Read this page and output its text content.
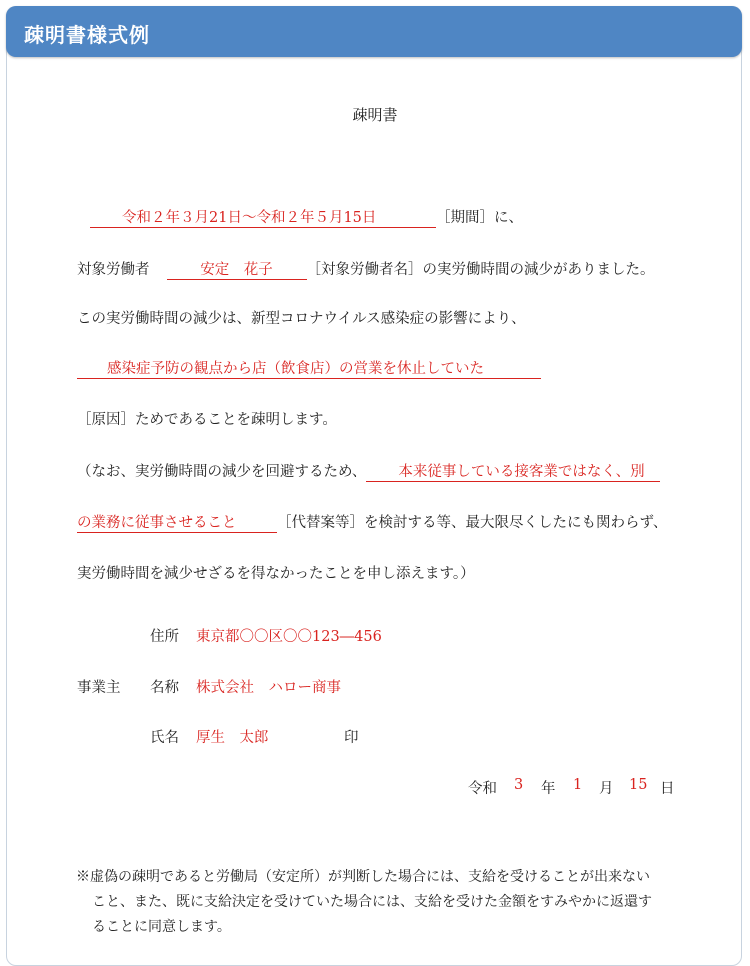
疎明書様式例
疎明書
令和２年３月21日～令和２年５月15日	［期間］に、
対象労働者	安定　花子 ［対象労働者名］の実労働時間の減少がありました。
この実労働時間の減少は、新型コロナウイルス感染症の影響により、
感染症予防の観点から店（飲食店）の営業を休止していた
［原因］ためであることを疎明します。
（なお、実労働時間の減少を回避するため、 本来従事している接客業ではなく、別
の業務に従事させること	［代替案等］を検討する等、最大限尽くしたにも関わらず、
実労働時間を減少せざるを得なかったことを申し添えます。）
住所 東京都〇〇区〇〇123―456
事業主 名称 株式会社　ハロー商事
氏名 厚生　太郎	印
令和 3 年 1 月 15 日
※虚偽の疎明であると労働局（安定所）が判断した場合には、支給を受けることが出来ない
こと、また、既に支給決定を受けていた場合には、支給を受けた金額をすみやかに返還す
ることに同意します。
